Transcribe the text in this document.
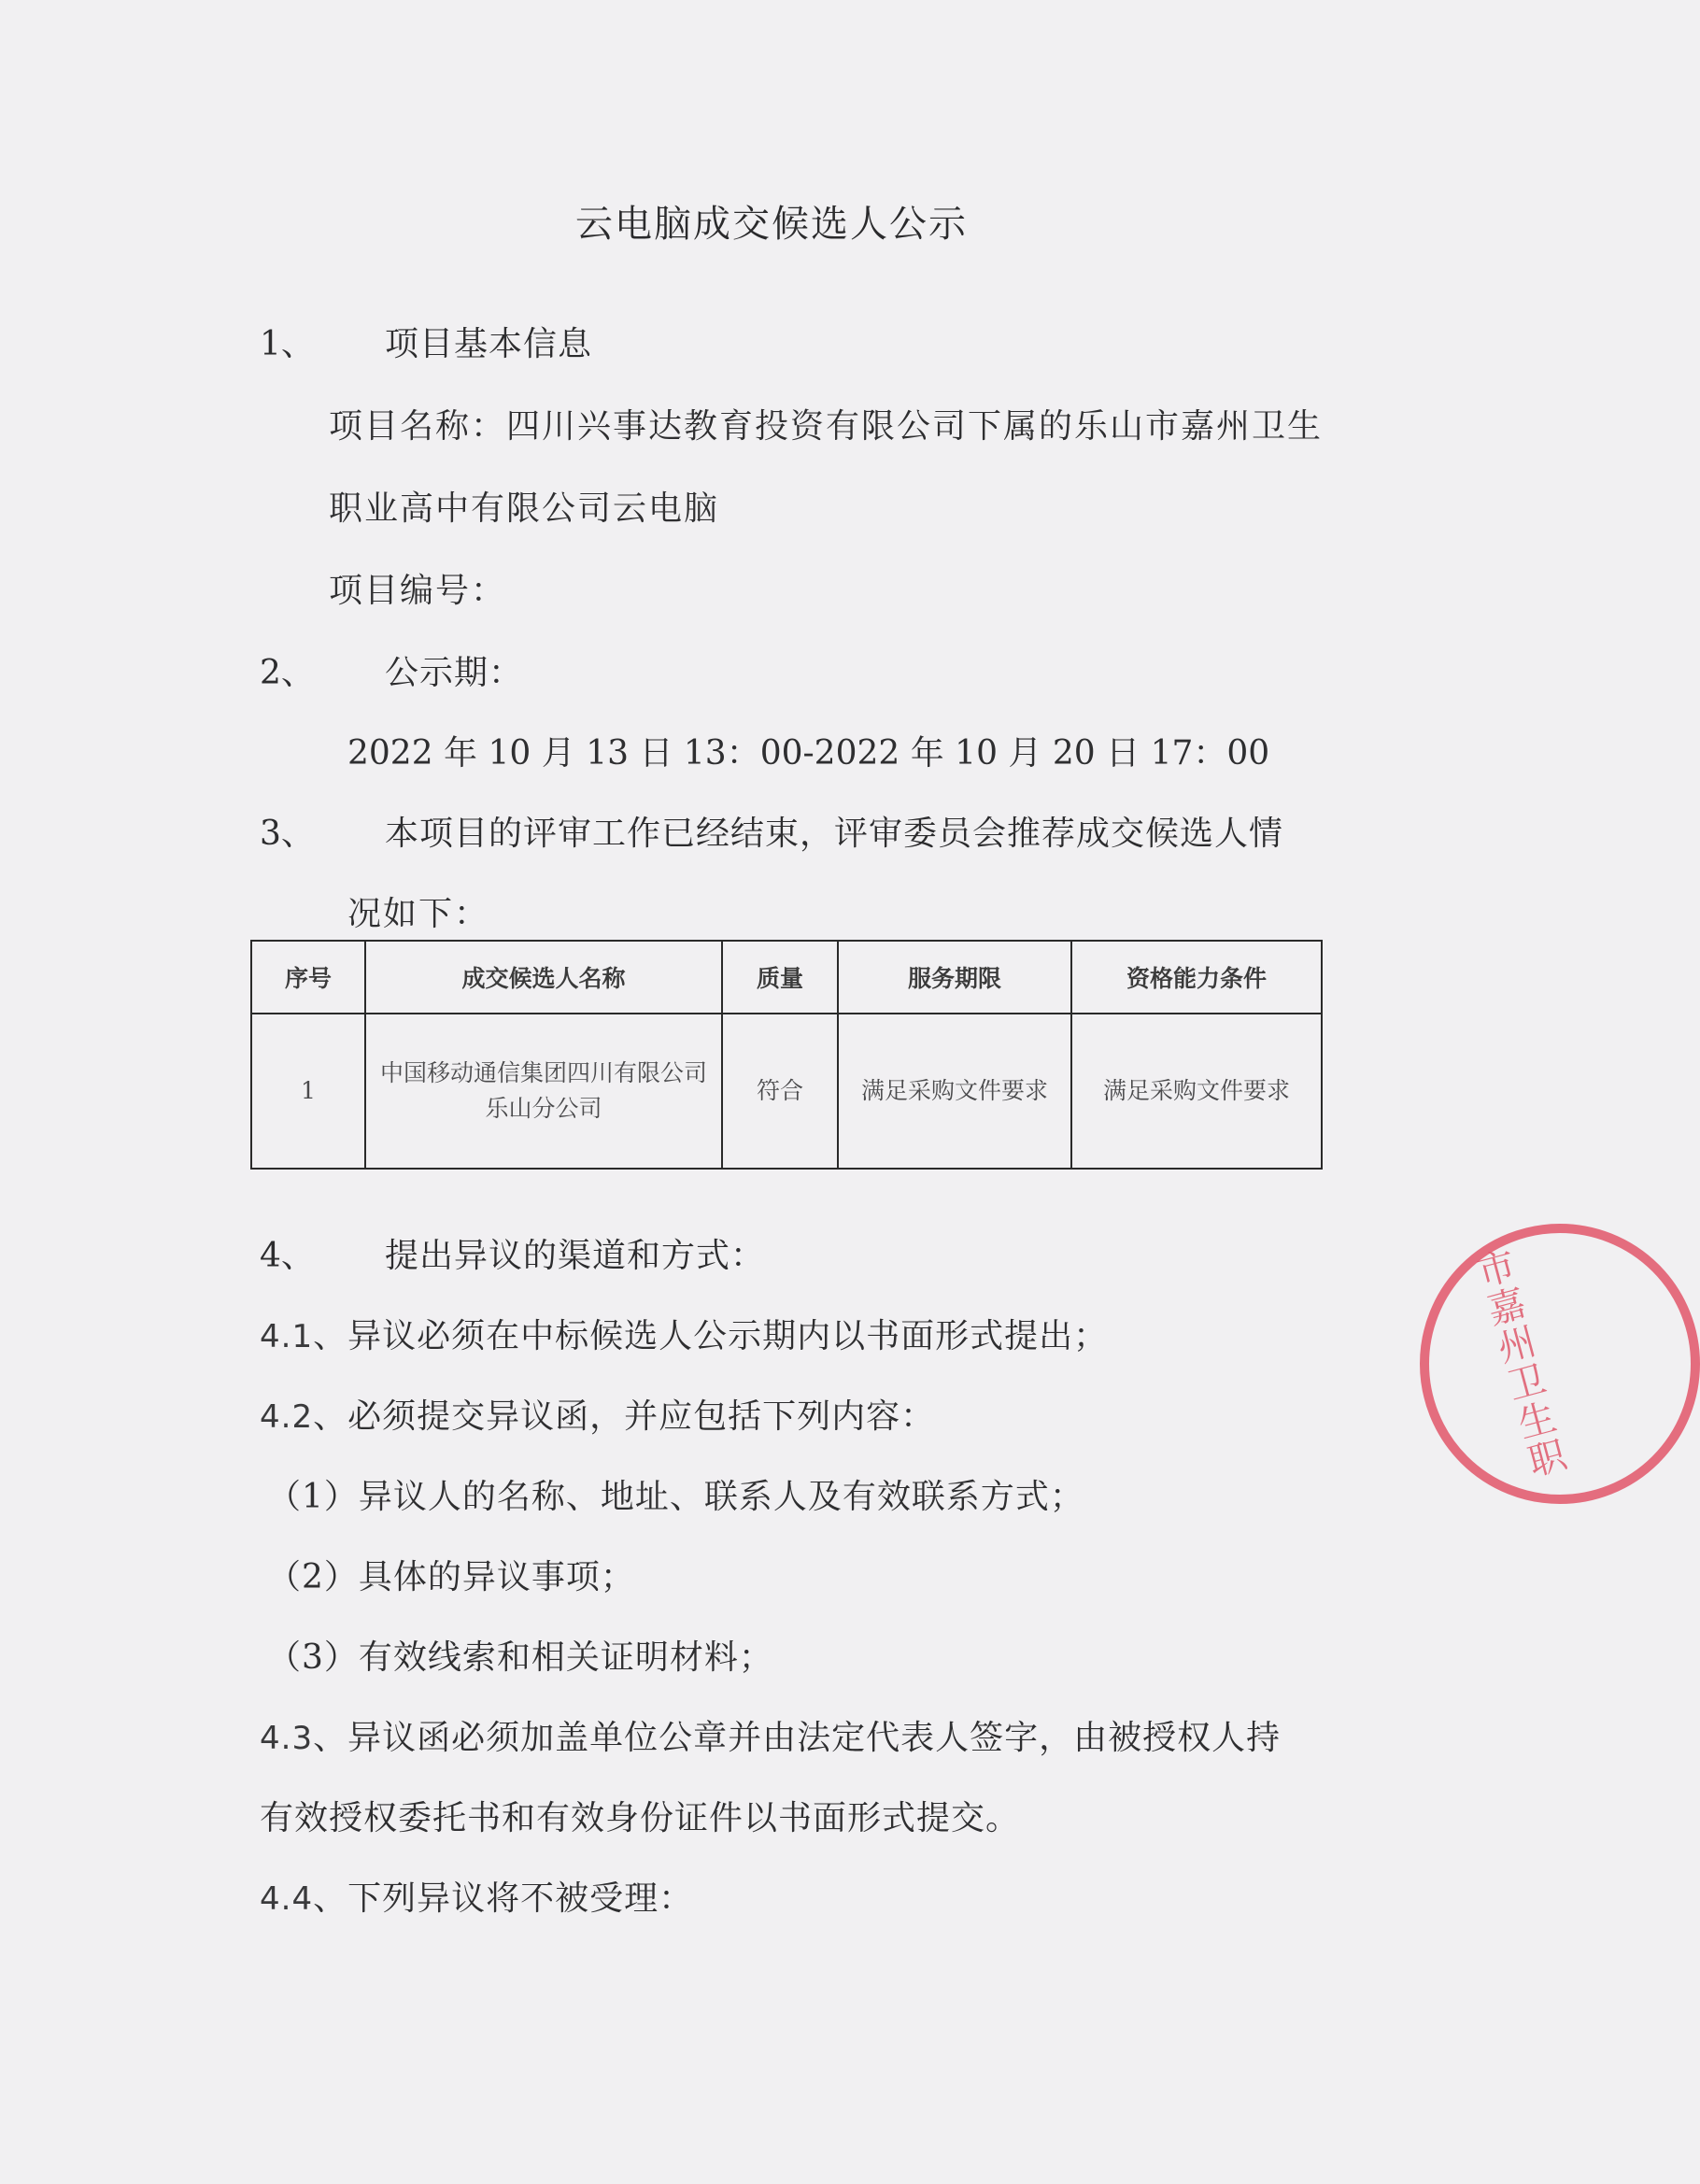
云电脑成交候选人公示
1、 项目基本信息
项目名称：四川兴事达教育投资有限公司下属的乐山市嘉州卫生
职业高中有限公司云电脑
项目编号：
2、 公示期：
2022 年 10 月 13 日 13：00-2022 年 10 月 20 日 17：00
3、 本项目的评审工作已经结束，评审委员会推荐成交候选人情
况如下：
序号	成交候选人名称	质量	服务期限	资格能力条件
1	中国移动通信集团四川有限公司乐山分公司	符合	满足采购文件要求	满足采购文件要求
4、 提出异议的渠道和方式：
4.1、异议必须在中标候选人公示期内以书面形式提出；
4.2、必须提交异议函，并应包括下列内容：
（1）异议人的名称、地址、联系人及有效联系方式；
（2）具体的异议事项；
（3）有效线索和相关证明材料；
4.3、异议函必须加盖单位公章并由法定代表人签字，由被授权人持
有效授权委托书和有效身份证件以书面形式提交。
4.4、下列异议将不被受理：
市嘉州卫生职
